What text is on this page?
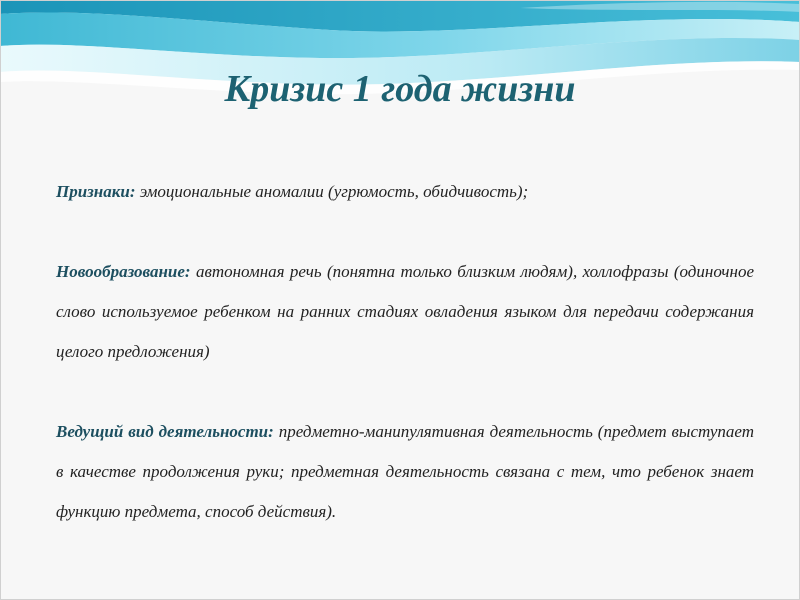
Кризис 1 года жизни

Признаки: эмоциональные аномалии (угрюмость, обидчивость);

Новообразование: автономная речь (понятна только близким людям), холлофразы (одиночное слово используемое ребенком на ранних стадиях овладения языком для передачи содержания целого предложения)

Ведущий вид деятельности: предметно-манипулятивная деятельность (предмет выступает в качестве продолжения руки; предметная деятельность связана с тем, что ребенок знает функцию предмета, способ действия).
